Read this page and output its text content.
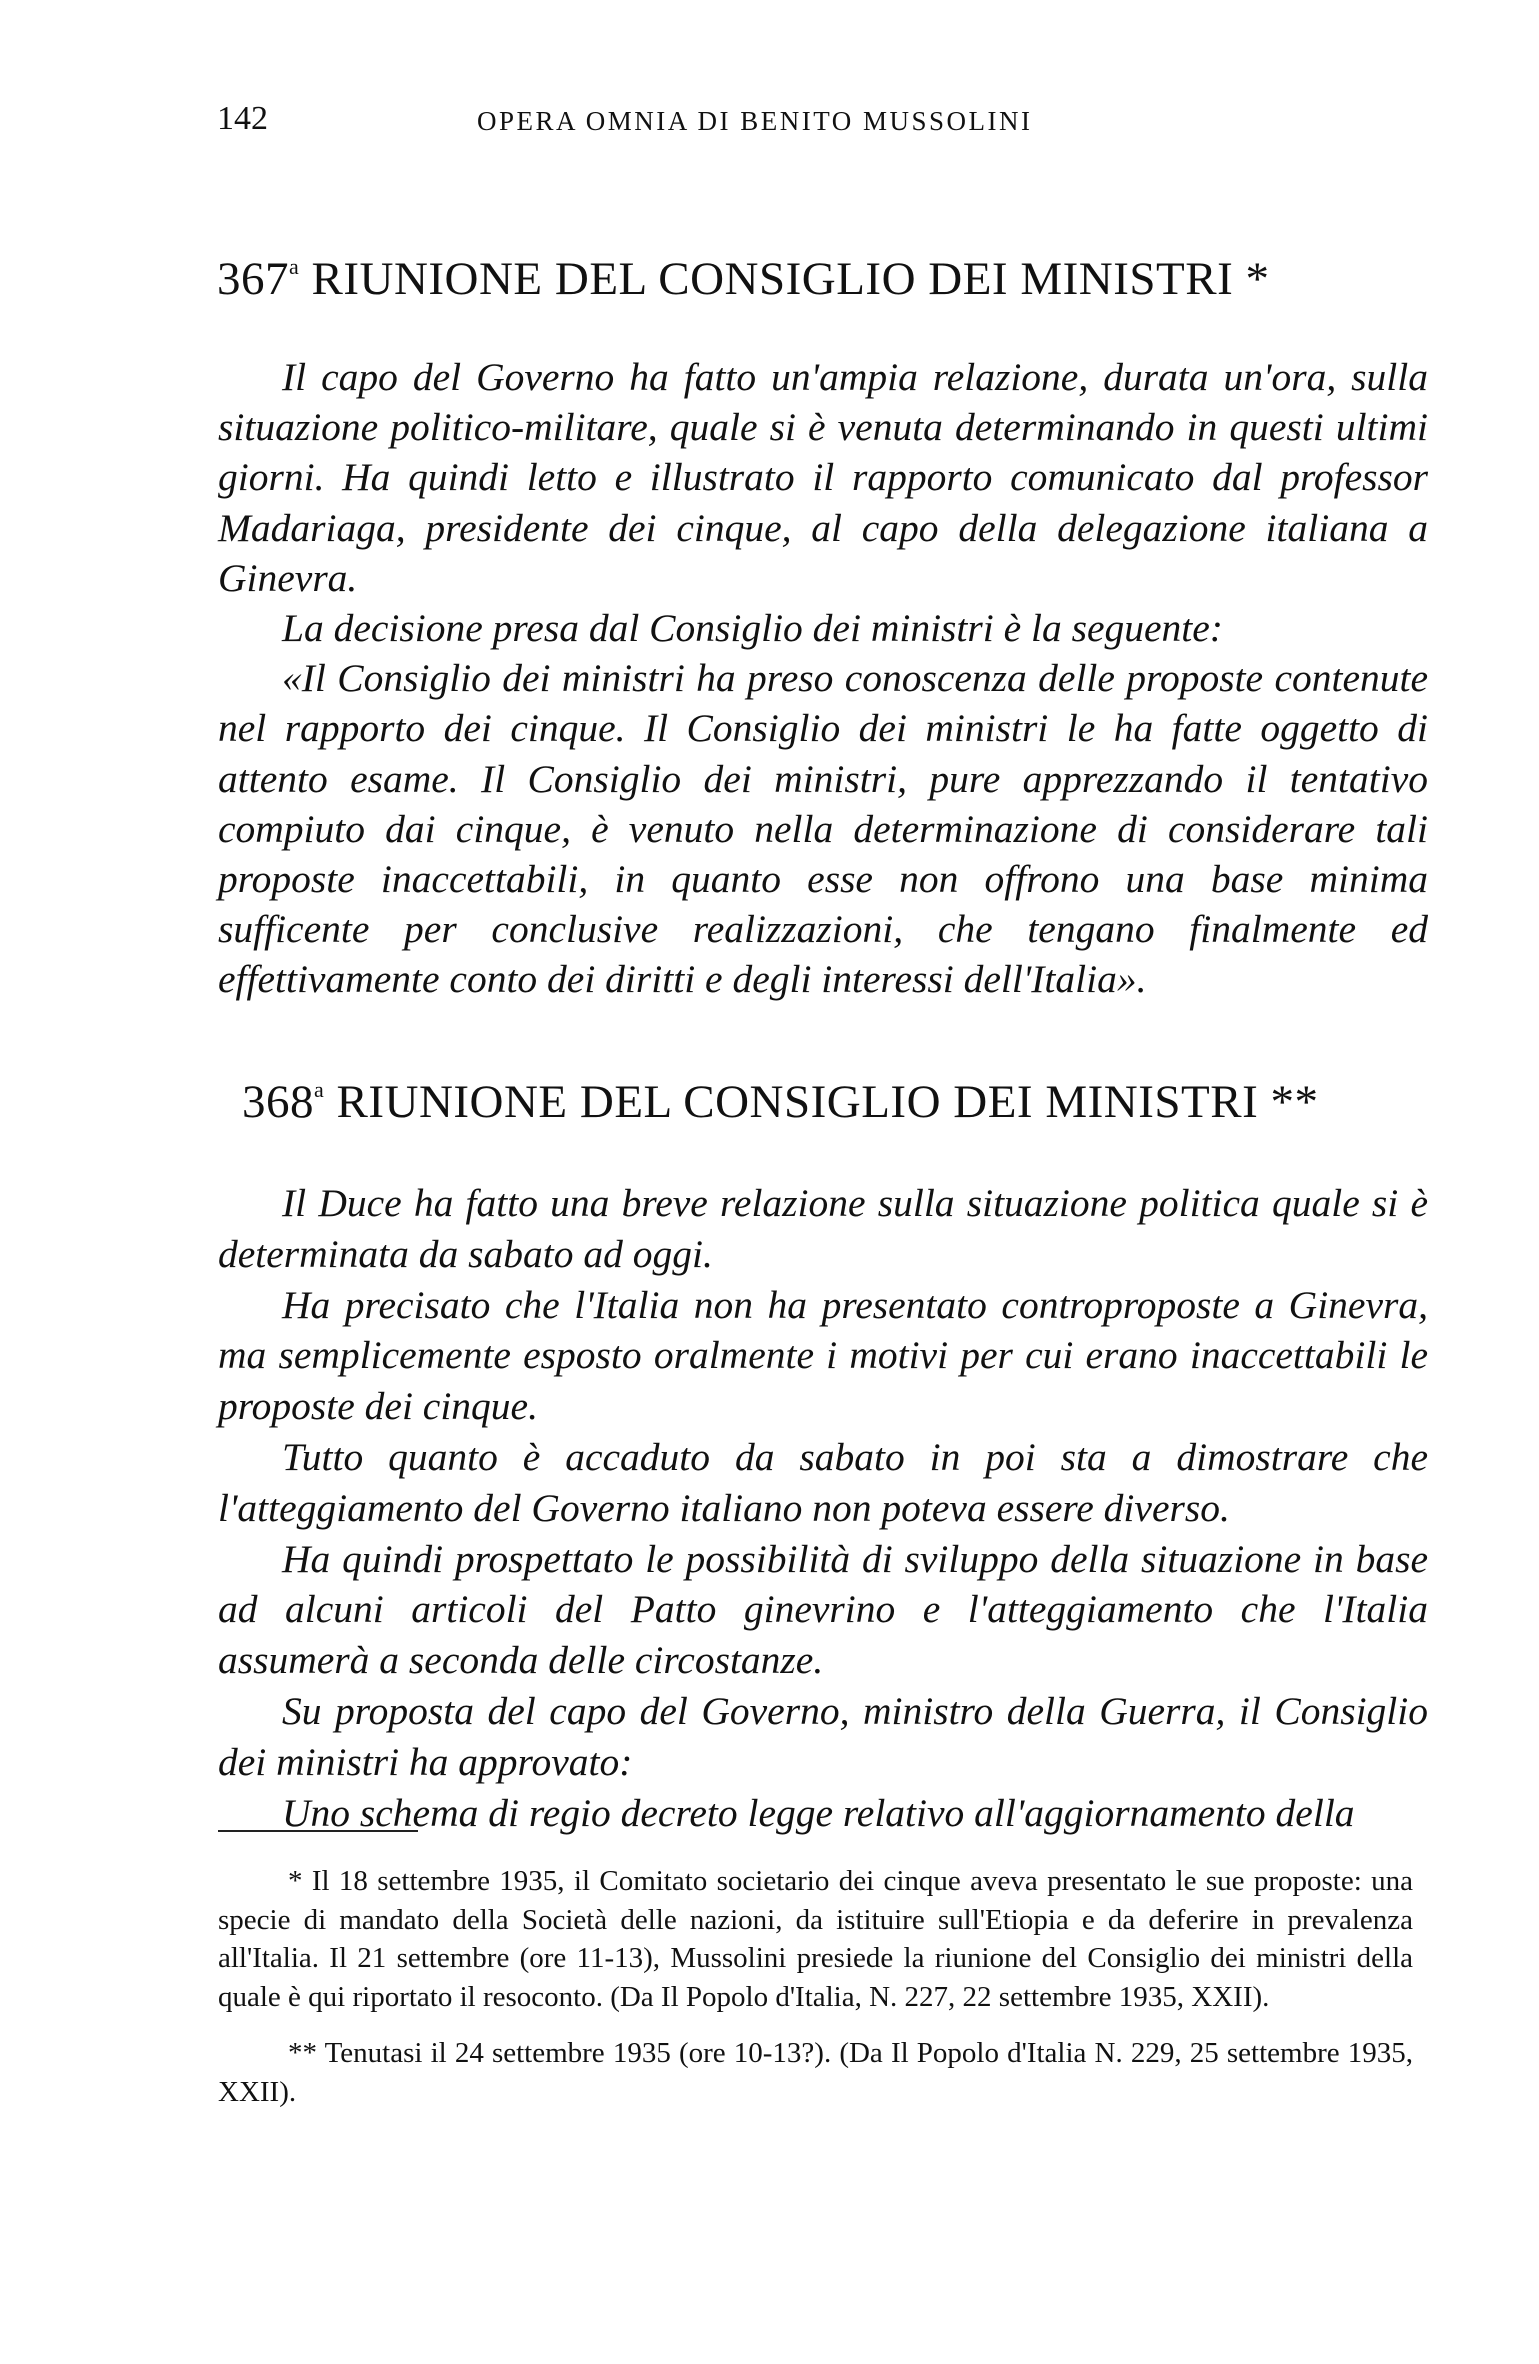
142	OPERA OMNIA DI BENITO MUSSOLINI
367$^a$ RIUNIONE DEL CONSIGLIO DEI MINISTRI *

Il capo del Governo ha fatto un'ampia relazione, durata un'ora, sulla situazione politico-militare, quale si è venuta determinando in questi ultimi giorni. Ha quindi letto e illustrato il rapporto comunicato dal professor Madariaga, presidente dei cinque, al capo della delegazione italiana a Ginevra.

La decisione presa dal Consiglio dei ministri è la seguente:

«Il Consiglio dei ministri ha preso conoscenza delle proposte contenute nel rapporto dei cinque. Il Consiglio dei ministri le ha fatte oggetto di attento esame. Il Consiglio dei ministri, pure apprezzando il tentativo compiuto dai cinque, è venuto nella determinazione di considerare tali proposte inaccettabili, in quanto esse non offrono una base minima sufficente per conclusive realizzazioni, che tengano finalmente ed effettivamente conto dei diritti e degli interessi dell'Italia».

368$^a$ RIUNIONE DEL CONSIGLIO DEI MINISTRI **

Il Duce ha fatto una breve relazione sulla situazione politica quale si è determinata da sabato ad oggi.

Ha precisato che l'Italia non ha presentato controproposte a Ginevra, ma semplicemente esposto oralmente i motivi per cui erano inaccettabili le proposte dei cinque.

Tutto quanto è accaduto da sabato in poi sta a dimostrare che l'atteggiamento del Governo italiano non poteva essere diverso.

Ha quindi prospettato le possibilità di sviluppo della situazione in base ad alcuni articoli del Patto ginevrino e l'atteggiamento che l'Italia assumerà a seconda delle circostanze.

Su proposta del capo del Governo, ministro della Guerra, il Consiglio dei ministri ha approvato:

Uno schema di regio decreto legge relativo all'aggiornamento della

* Il 18 settembre 1935, il Comitato societario dei cinque aveva presentato le sue proposte: una specie di mandato della Società delle nazioni, da istituire sull'Etiopia e da deferire in prevalenza all'Italia. Il 21 settembre (ore 11-13), Mussolini presiede la riunione del Consiglio dei ministri della quale è qui riportato il resoconto. (Da Il Popolo d'Italia, N. 227, 22 settembre 1935, XXII).

** Tenutasi il 24 settembre 1935 (ore 10-13?). (Da Il Popolo d'Italia N. 229, 25 settembre 1935, XXII).
